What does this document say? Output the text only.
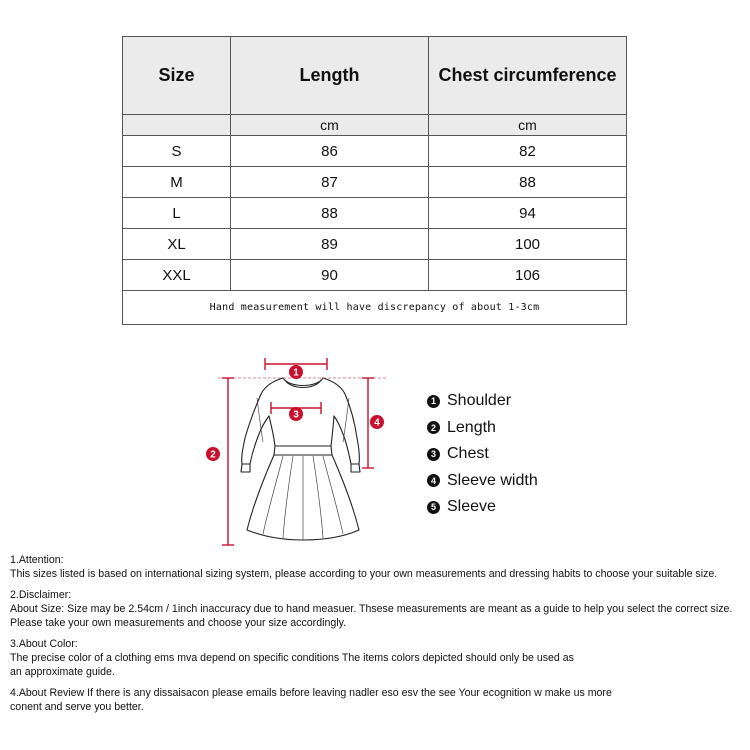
Size	Length	Chest circumference
	cm	cm
S	86	82
M	87	88
L	88	94
XL	89	100
XXL	90	106
Hand measurement will have discrepancy of about 1-3cm		
1
3
2
4
1 Shoulder
2 Length
3 Chest
4 Sleeve width
5 Sleeve
1.Attention:
This sizes listed is based on international sizing system, please according to your own measurements and dressing habits to choose your suitable size.
2.Disclaimer:
About Size: Size may be 2.54cm / 1inch inaccuracy due to hand measuer. Thsese measurements are meant as a guide to help you select the correct size.
Please take your own measurements and choose your size accordingly.
3.About Color:
The precise color of a clothing ems mva depend on specific conditions The items colors depicted should only be used as
an approximate guide.
4.About Review If there is any dissaisacon please emails before leaving nadler eso esv the see Your ecognition w make us more
conent and serve you better.
